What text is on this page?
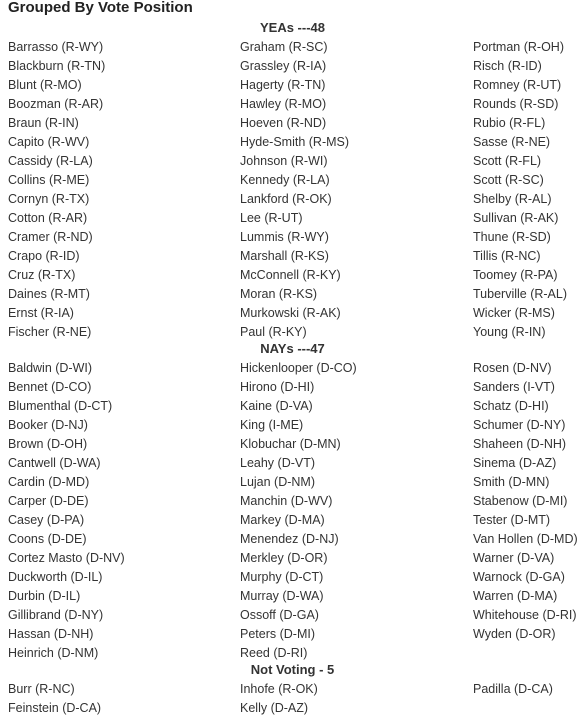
Grouped By Vote Position
YEAs ---48
Barrasso (R-WY)
Blackburn (R-TN)
Blunt (R-MO)
Boozman (R-AR)
Braun (R-IN)
Capito (R-WV)
Cassidy (R-LA)
Collins (R-ME)
Cornyn (R-TX)
Cotton (R-AR)
Cramer (R-ND)
Crapo (R-ID)
Cruz (R-TX)
Daines (R-MT)
Ernst (R-IA)
Fischer (R-NE)
Graham (R-SC)
Grassley (R-IA)
Hagerty (R-TN)
Hawley (R-MO)
Hoeven (R-ND)
Hyde-Smith (R-MS)
Johnson (R-WI)
Kennedy (R-LA)
Lankford (R-OK)
Lee (R-UT)
Lummis (R-WY)
Marshall (R-KS)
McConnell (R-KY)
Moran (R-KS)
Murkowski (R-AK)
Paul (R-KY)
Portman (R-OH)
Risch (R-ID)
Romney (R-UT)
Rounds (R-SD)
Rubio (R-FL)
Sasse (R-NE)
Scott (R-FL)
Scott (R-SC)
Shelby (R-AL)
Sullivan (R-AK)
Thune (R-SD)
Tillis (R-NC)
Toomey (R-PA)
Tuberville (R-AL)
Wicker (R-MS)
Young (R-IN)
NAYs ---47
Baldwin (D-WI)
Bennet (D-CO)
Blumenthal (D-CT)
Booker (D-NJ)
Brown (D-OH)
Cantwell (D-WA)
Cardin (D-MD)
Carper (D-DE)
Casey (D-PA)
Coons (D-DE)
Cortez Masto (D-NV)
Duckworth (D-IL)
Durbin (D-IL)
Gillibrand (D-NY)
Hassan (D-NH)
Heinrich (D-NM)
Hickenlooper (D-CO)
Hirono (D-HI)
Kaine (D-VA)
King (I-ME)
Klobuchar (D-MN)
Leahy (D-VT)
Lujan (D-NM)
Manchin (D-WV)
Markey (D-MA)
Menendez (D-NJ)
Merkley (D-OR)
Murphy (D-CT)
Murray (D-WA)
Ossoff (D-GA)
Peters (D-MI)
Reed (D-RI)
Rosen (D-NV)
Sanders (I-VT)
Schatz (D-HI)
Schumer (D-NY)
Shaheen (D-NH)
Sinema (D-AZ)
Smith (D-MN)
Stabenow (D-MI)
Tester (D-MT)
Van Hollen (D-MD)
Warner (D-VA)
Warnock (D-GA)
Warren (D-MA)
Whitehouse (D-RI)
Wyden (D-OR)
Not Voting - 5
Burr (R-NC)
Feinstein (D-CA)
Inhofe (R-OK)
Kelly (D-AZ)
Padilla (D-CA)
